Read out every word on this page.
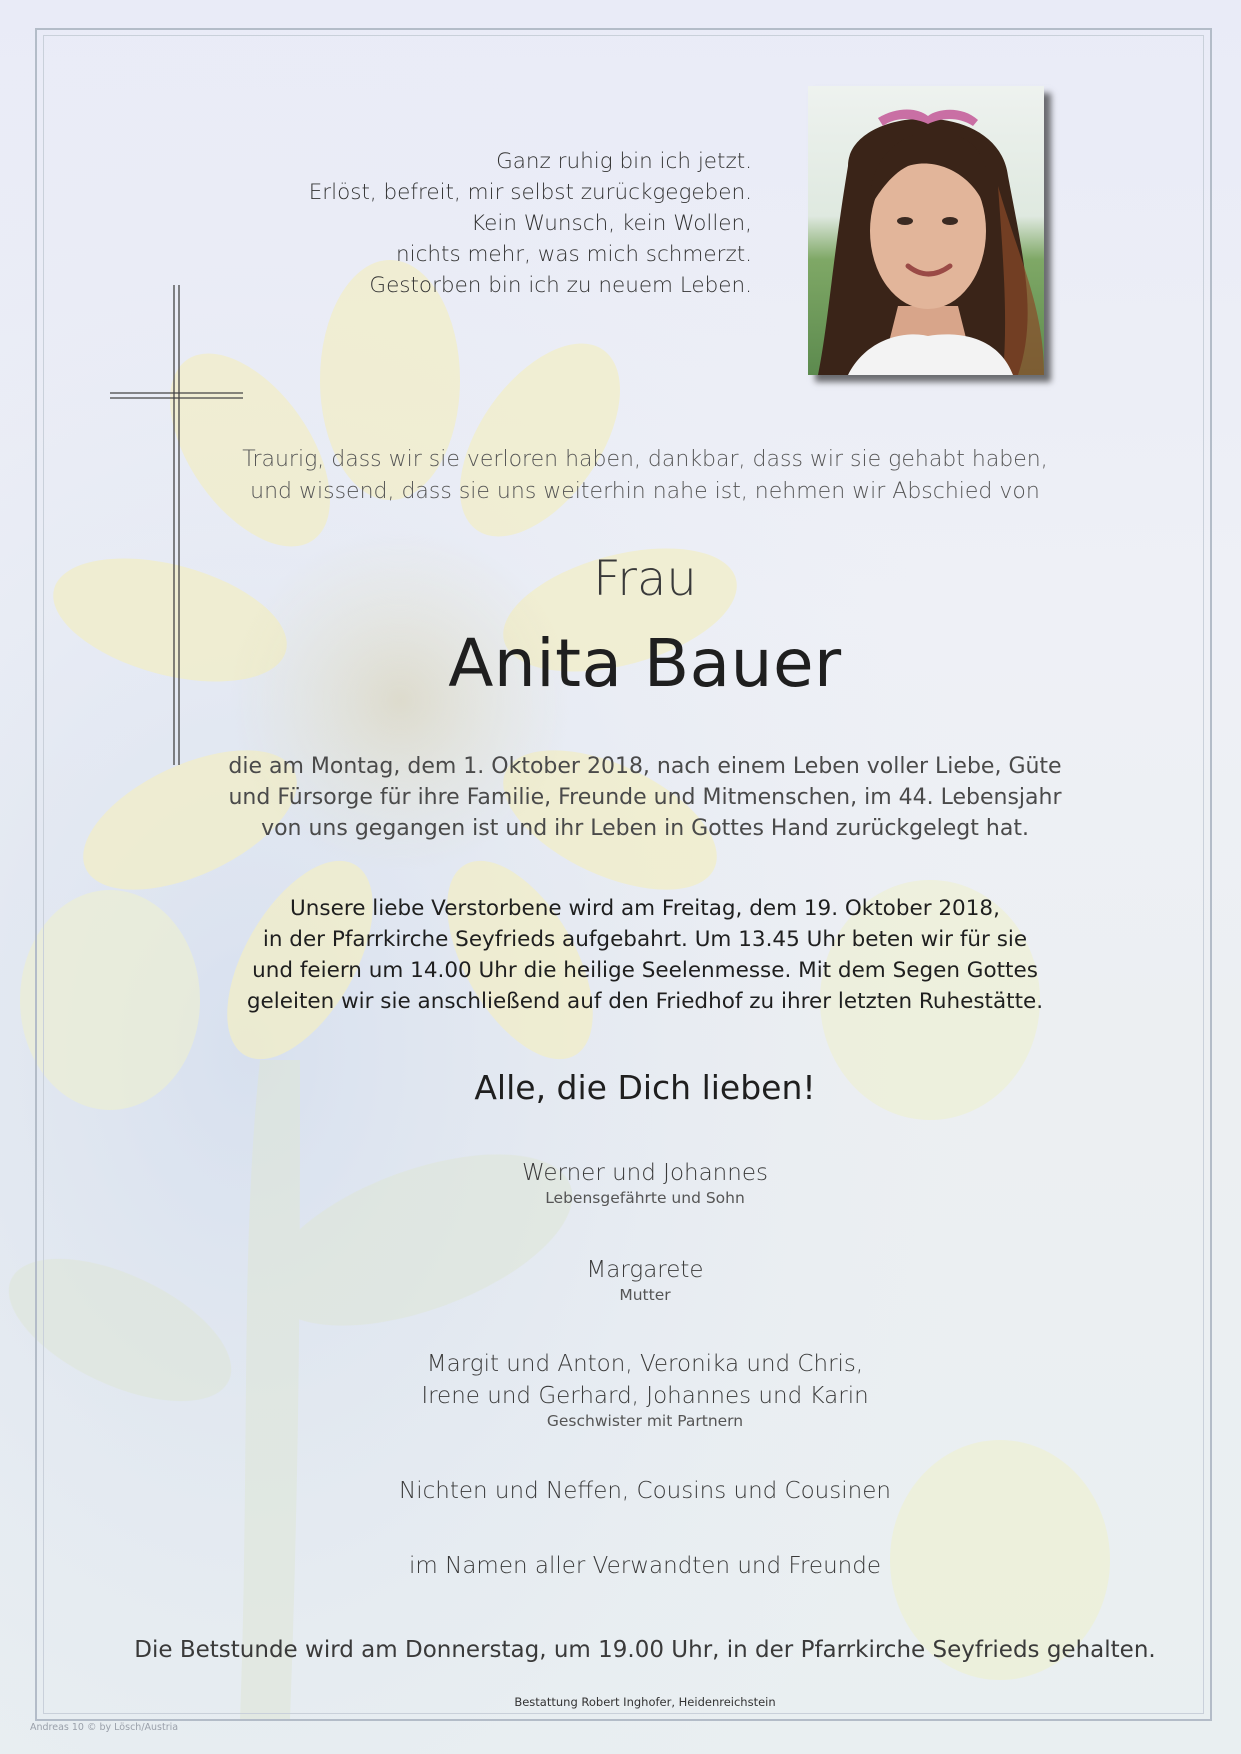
Ganz ruhig bin ich jetzt.
Erlöst, befreit, mir selbst zurückgegeben.
Kein Wunsch, kein Wollen,
nichts mehr, was mich schmerzt.
Gestorben bin ich zu neuem Leben.
Traurig, dass wir sie verloren haben, dankbar, dass wir sie gehabt haben,
und wissend, dass sie uns weiterhin nahe ist, nehmen wir Abschied von
Frau
Anita Bauer
die am Montag, dem 1. Oktober 2018, nach einem Leben voller Liebe, Güte
und Fürsorge für ihre Familie, Freunde und Mitmenschen, im 44. Lebensjahr
von uns gegangen ist und ihr Leben in Gottes Hand zurückgelegt hat.
Unsere liebe Verstorbene wird am Freitag, dem 19. Oktober 2018,
in der Pfarrkirche Seyfrieds aufgebahrt. Um 13.45 Uhr beten wir für sie
und feiern um 14.00 Uhr die heilige Seelenmesse. Mit dem Segen Gottes
geleiten wir sie anschließend auf den Friedhof zu ihrer letzten Ruhestätte.
Alle, die Dich lieben!
Werner und Johannes
Lebensgefährte und Sohn
Margarete
Mutter
Margit und Anton, Veronika und Chris,
Irene und Gerhard, Johannes und Karin
Geschwister mit Partnern
Nichten und Neffen, Cousins und Cousinen
im Namen aller Verwandten und Freunde
Die Betstunde wird am Donnerstag, um 19.00 Uhr, in der Pfarrkirche Seyfrieds gehalten.
Bestattung Robert Inghofer, Heidenreichstein
Andreas 10 © by Lösch/Austria
